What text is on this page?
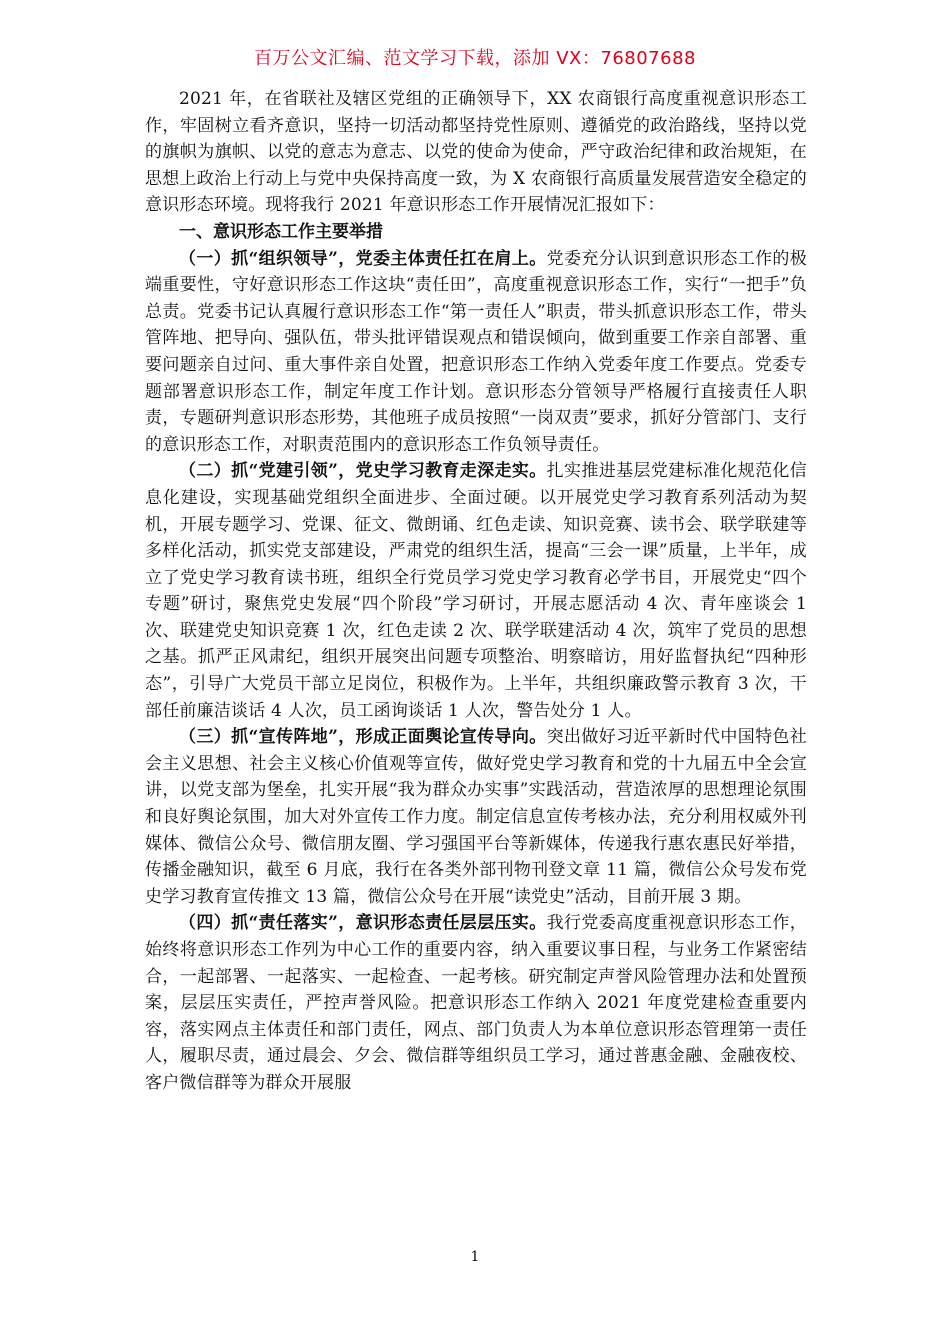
百万公文汇编、范文学习下载，添加 VX：76807688

2021 年，在省联社及辖区党组的正确领导下，XX 农商银行高度重视意识形态工作，牢固树立看齐意识，坚持一切活动都坚持党性原则、遵循党的政治路线，坚持以党的旗帜为旗帜、以党的意志为意志、以党的使命为使命，严守政治纪律和政治规矩，在思想上政治上行动上与党中央保持高度一致，为 X 农商银行高质量发展营造安全稳定的意识形态环境。现将我行 2021 年意识形态工作开展情况汇报如下：

一、意识形态工作主要举措

（一）抓“组织领导”，党委主体责任扛在肩上。党委充分认识到意识形态工作的极端重要性，守好意识形态工作这块“责任田”，高度重视意识形态工作，实行“一把手”负总责。党委书记认真履行意识形态工作“第一责任人”职责，带头抓意识形态工作，带头管阵地、把导向、强队伍，带头批评错误观点和错误倾向，做到重要工作亲自部署、重要问题亲自过问、重大事件亲自处置，把意识形态工作纳入党委年度工作要点。党委专题部署意识形态工作，制定年度工作计划。意识形态分管领导严格履行直接责任人职责，专题研判意识形态形势，其他班子成员按照“一岗双责”要求，抓好分管部门、支行的意识形态工作，对职责范围内的意识形态工作负领导责任。

（二）抓“党建引领”，党史学习教育走深走实。扎实推进基层党建标准化规范化信息化建设，实现基础党组织全面进步、全面过硬。以开展党史学习教育系列活动为契机，开展专题学习、党课、征文、微朗诵、红色走读、知识竞赛、读书会、联学联建等多样化活动，抓实党支部建设，严肃党的组织生活，提高“三会一课”质量，上半年，成立了党史学习教育读书班，组织全行党员学习党史学习教育必学书目，开展党史“四个专题”研讨，聚焦党史发展“四个阶段”学习研讨，开展志愿活动 4 次、青年座谈会 1 次、联建党史知识竞赛 1 次，红色走读 2 次、联学联建活动 4 次，筑牢了党员的思想之基。抓严正风肃纪，组织开展突出问题专项整治、明察暗访，用好监督执纪“四种形态”，引导广大党员干部立足岗位，积极作为。上半年，共组织廉政警示教育 3 次，干部任前廉洁谈话 4 人次，员工函询谈话 1 人次，警告处分 1 人。

（三）抓“宣传阵地”，形成正面舆论宣传导向。突出做好习近平新时代中国特色社会主义思想、社会主义核心价值观等宣传，做好党史学习教育和党的十九届五中全会宣讲，以党支部为堡垒，扎实开展“我为群众办实事”实践活动，营造浓厚的思想理论氛围和良好舆论氛围，加大对外宣传工作力度。制定信息宣传考核办法，充分利用权威外刊媒体、微信公众号、微信朋友圈、学习强国平台等新媒体，传递我行惠农惠民好举措，传播金融知识，截至 6 月底，我行在各类外部刊物刊登文章 11 篇，微信公众号发布党史学习教育宣传推文 13 篇，微信公众号在开展“读党史”活动，目前开展 3 期。

（四）抓“责任落实”，意识形态责任层层压实。我行党委高度重视意识形态工作，始终将意识形态工作列为中心工作的重要内容，纳入重要议事日程，与业务工作紧密结合，一起部署、一起落实、一起检查、一起考核。研究制定声誉风险管理办法和处置预案，层层压实责任，严控声誉风险。把意识形态工作纳入 2021 年度党建检查重要内容，落实网点主体责任和部门责任，网点、部门负责人为本单位意识形态管理第一责任人，履职尽责，通过晨会、夕会、微信群等组织员工学习，通过普惠金融、金融夜校、客户微信群等为群众开展服

1
